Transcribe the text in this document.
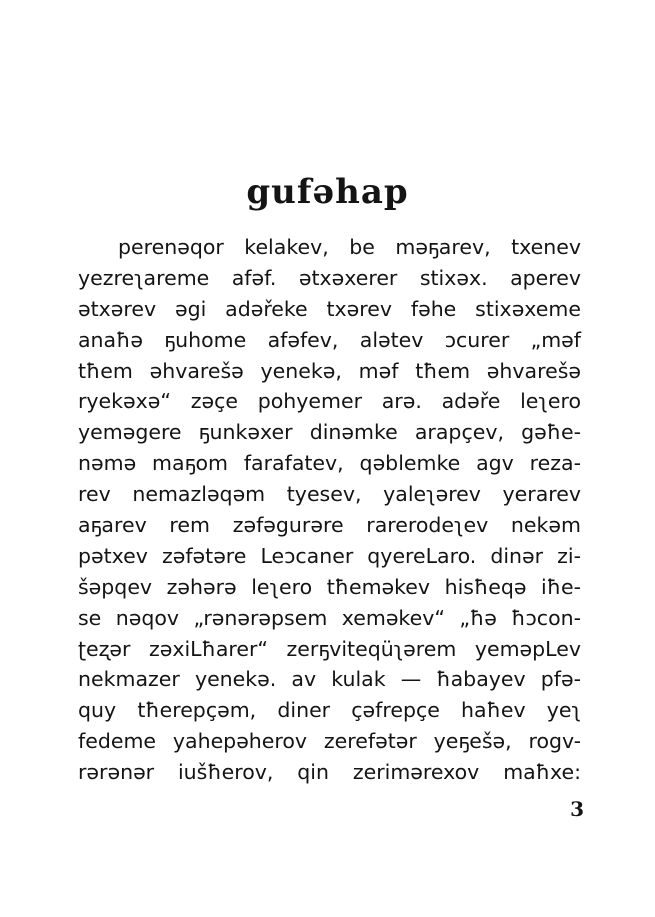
gufəhap
perenəqor kelakev, be məҕarev, txenev
yezreʅareme afəf. ətxəxerer stixəx. aperev
ətxərev əgi adəřeke txərev fəhe stixəxeme
anaħə ҕuhome afəfev, alətev ɔcurer „məf
tħem əhvarešə yenekə, məf tħem əhvarešə
ryekəxə“ zəçe pohyemer arə. adəře leʅero
yeməgere ҕunkəxer dinəmke arapçev, gəħe-
nəmə maҕom farafatev, qəblemke agv reza-
rev nemazləqəm tyesev, yaleʅərev yerarev
aҕarev rem zəfəgurəre rarerodeʅev nekəm
pətxev zəfətəre Leɔcaner qyereLaro. dinər zi-
šəpqev zəhərə leʅero tħeməkev hisħeqə iħe-
se nəqov „rənərəpsem xeməkev“ „ħə ħɔcon-
ʈeʐər zəxiLħarer“ zerҕviteqüʅərem yeməpLev
nekmazer yenekə. av kulak — ħabayev pfə-
quy tħerepçəm, diner çəfrepçe haħev yeʅ
fedeme yahepəherov zerefətər yeҕešə, rogv-
rərənər iušħerov, qin zerimərexov maħxe:
3
